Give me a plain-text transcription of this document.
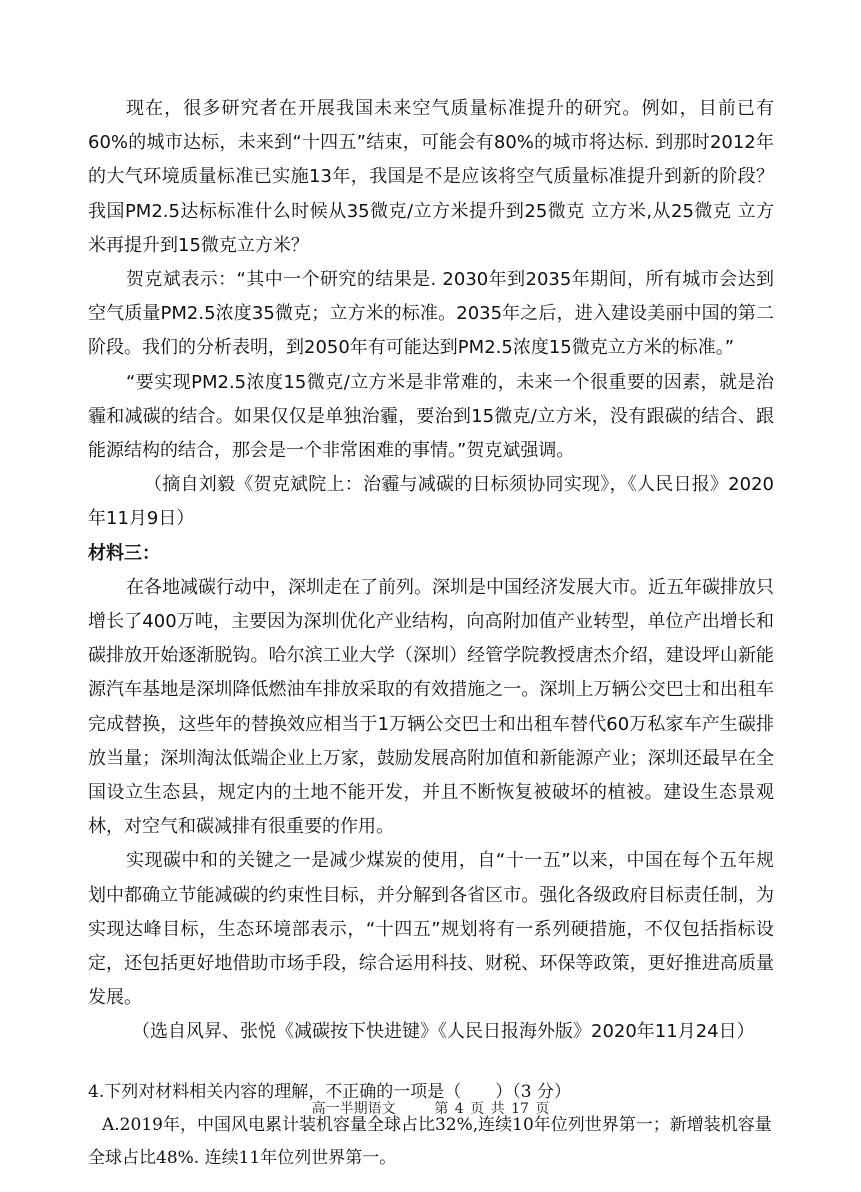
现在，很多研究者在开展我国未来空气质量标准提升的研究。例如，目前已有60%的城市达标，未来到“十四五”结束，可能会有80%的城市将达标. 到那时2012年的大气环境质量标准已实施13年，我国是不是应该将空气质量标准提升到新的阶段？我国PM2.5达标标准什么时候从35微克/立方米提升到25微克 立方米,从25微克 立方米再提升到15微克立方米？

贺克斌表示：“其中一个研究的结果是. 2030年到2035年期间，所有城市会达到空气质量PM2.5浓度35微克；立方米的标准。2035年之后，进入建设美丽中国的第二阶段。我们的分析表明，到2050年有可能达到PM2.5浓度15微克立方米的标准。”

“要实现PM2.5浓度15微克/立方米是非常难的，未来一个很重要的因素，就是治霾和减碳的结合。如果仅仅是单独治霾，要治到15微克/立方米，没有跟碳的结合、跟能源结构的结合，那会是一个非常困难的事情。”贺克斌强调。

（摘自刘毅《贺克斌院上：治霾与减碳的日标须协同实现》，《人民日报》2020年11月9日）

材料三：

在各地减碳行动中，深圳走在了前列。深圳是中国经济发展大市。近五年碳排放只增长了400万吨，主要因为深圳优化产业结构，向高附加值产业转型，单位产出增长和碳排放开始逐渐脱钩。哈尔滨工业大学（深圳）经管学院教授唐杰介绍，建设坪山新能源汽车基地是深圳降低燃油车排放采取的有效措施之一。深圳上万辆公交巴士和出租车完成替换，这些年的替换效应相当于1万辆公交巴士和出租车替代60万私家车产生碳排放当量；深圳淘汰低端企业上万家，鼓励发展高附加值和新能源产业；深圳还最早在全国设立生态县，规定内的土地不能开发，并且不断恢复被破坏的植被。建设生态景观林，对空气和碳减排有很重要的作用。

实现碳中和的关键之一是减少煤炭的使用，自“十一五”以来，中国在每个五年规划中都确立节能减碳的约束性目标，并分解到各省区市。强化各级政府目标责任制，为实现达峰目标，生态环境部表示，“十四五”规划将有一系列硬措施，不仅包括指标设定，还包括更好地借助市场手段，综合运用科技、财税、环保等政策，更好推进高质量发展。

（选自风昇、张悦《减碳按下快进键》《人民日报海外版》2020年11月24日）

4.下列对材料相关内容的理解，不正确的一项是（　　）（3 分）

A.2019年，中国风电累计装机容量全球占比32%,连续10年位列世界第一；新增装机容量全球占比48%. 连续11年位列世界第一。

高一半期语文	第 4 页 共 17 页
